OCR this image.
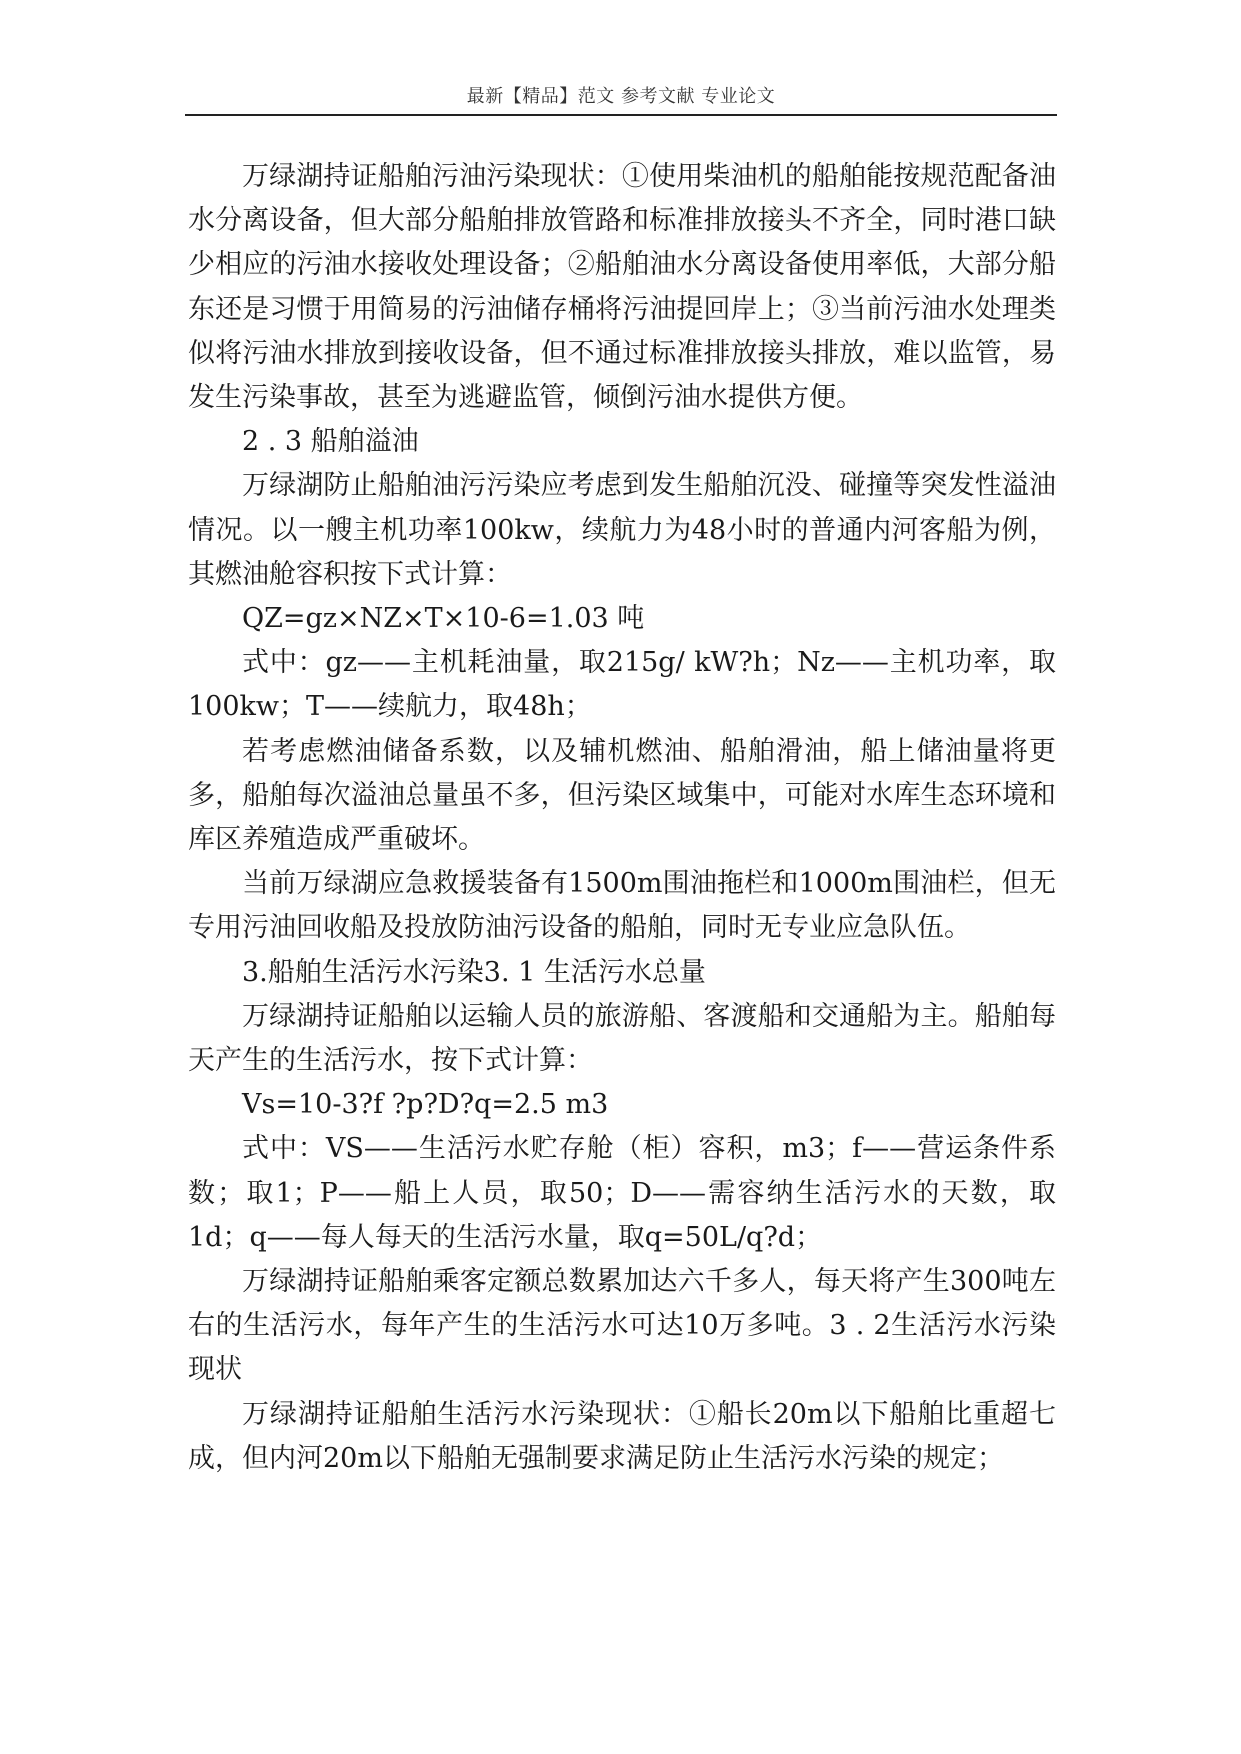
最新【精品】范文 参考文献 专业论文

万绿湖持证船舶污油污染现状：①使用柴油机的船舶能按规范配备油水分离设备，但大部分船舶排放管路和标准排放接头不齐全，同时港口缺少相应的污油水接收处理设备；②船舶油水分离设备使用率低，大部分船东还是习惯于用简易的污油储存桶将污油提回岸上；③当前污油水处理类似将污油水排放到接收设备，但不通过标准排放接头排放，难以监管，易发生污染事故，甚至为逃避监管，倾倒污油水提供方便。

2 . 3 船舶溢油

万绿湖防止船舶油污污染应考虑到发生船舶沉没、碰撞等突发性溢油情况。以一艘主机功率100kw，续航力为48小时的普通内河客船为例，其燃油舱容积按下式计算：

QZ=gz×NZ×T×10-6=1.03 吨

式中：gz——主机耗油量，取215g/ kW?h；Nz——主机功率，取100kw；T——续航力，取48h；

若考虑燃油储备系数，以及辅机燃油、船舶滑油，船上储油量将更多，船舶每次溢油总量虽不多，但污染区域集中，可能对水库生态环境和库区养殖造成严重破坏。

当前万绿湖应急救援装备有1500m围油拖栏和1000m围油栏，但无专用污油回收船及投放防油污设备的船舶，同时无专业应急队伍。

3.船舶生活污水污染3. 1 生活污水总量

万绿湖持证船舶以运输人员的旅游船、客渡船和交通船为主。船舶每天产生的生活污水，按下式计算：

Vs=10-3?f ?p?D?q=2.5 m3

式中：VS——生活污水贮存舱（柜）容积，m3；f——营运条件系数；取1；P——船上人员，取50；D——需容纳生活污水的天数，取1d；q——每人每天的生活污水量，取q=50L/q?d；

万绿湖持证船舶乘客定额总数累加达六千多人，每天将产生300吨左右的生活污水，每年产生的生活污水可达10万多吨。3 . 2生活污水污染现状

万绿湖持证船舶生活污水污染现状：①船长20m以下船舶比重超七成，但内河20m以下船舶无强制要求满足防止生活污水污染的规定；
